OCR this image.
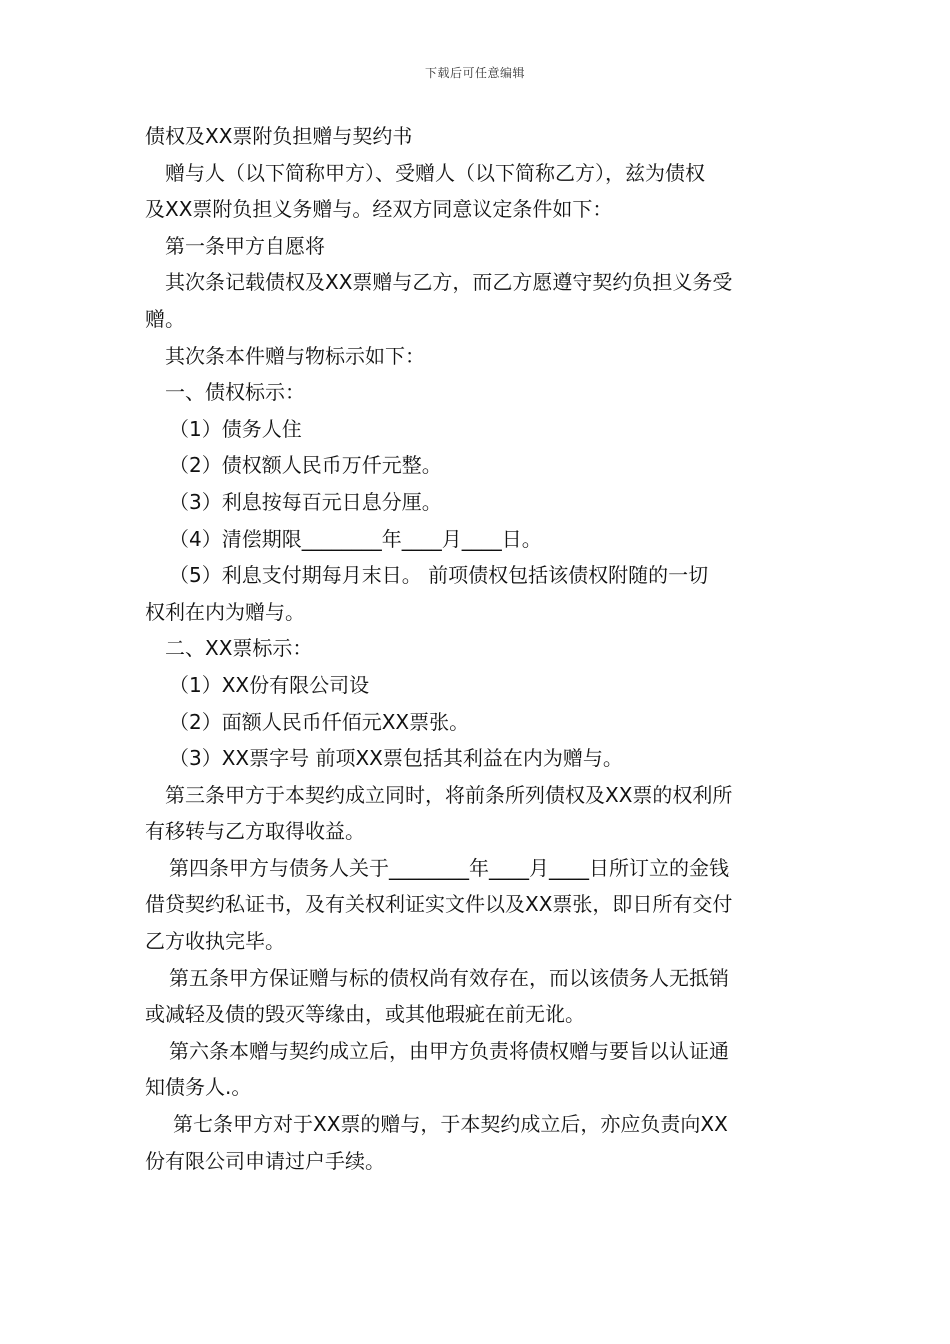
下载后可任意编辑
债权及XX票附负担赠与契约书
赠与人（以下简称甲方）、受赠人（以下简称乙方），兹为债权
及XX票附负担义务赠与。经双方同意议定条件如下：
第一条甲方自愿将
其次条记载债权及XX票赠与乙方，而乙方愿遵守契约负担义务受
赠。
其次条本件赠与物标示如下：
一、债权标示：
（1）债务人住
（2）债权额人民币万仟元整。
（3）利息按每百元日息分厘。
（4）清偿期限________年____月____日。
（5）利息支付期每月末日。 前项债权包括该债权附随的一切
权利在内为赠与。
二、XX票标示：
（1）XX份有限公司设
（2）面额人民币仟佰元XX票张。
（3）XX票字号 前项XX票包括其利益在内为赠与。
第三条甲方于本契约成立同时，将前条所列债权及XX票的权利所
有移转与乙方取得收益。
第四条甲方与债务人关于________年____月____日所订立的金钱
借贷契约私证书，及有关权利证实文件以及XX票张，即日所有交付
乙方收执完毕。
第五条甲方保证赠与标的债权尚有效存在，而以该债务人无抵销
或减轻及债的毁灭等缘由，或其他瑕疵在前无讹。
第六条本赠与契约成立后，由甲方负责将债权赠与要旨以认证通
知债务人.。
第七条甲方对于XX票的赠与，于本契约成立后，亦应负责向XX
份有限公司申请过户手续。
